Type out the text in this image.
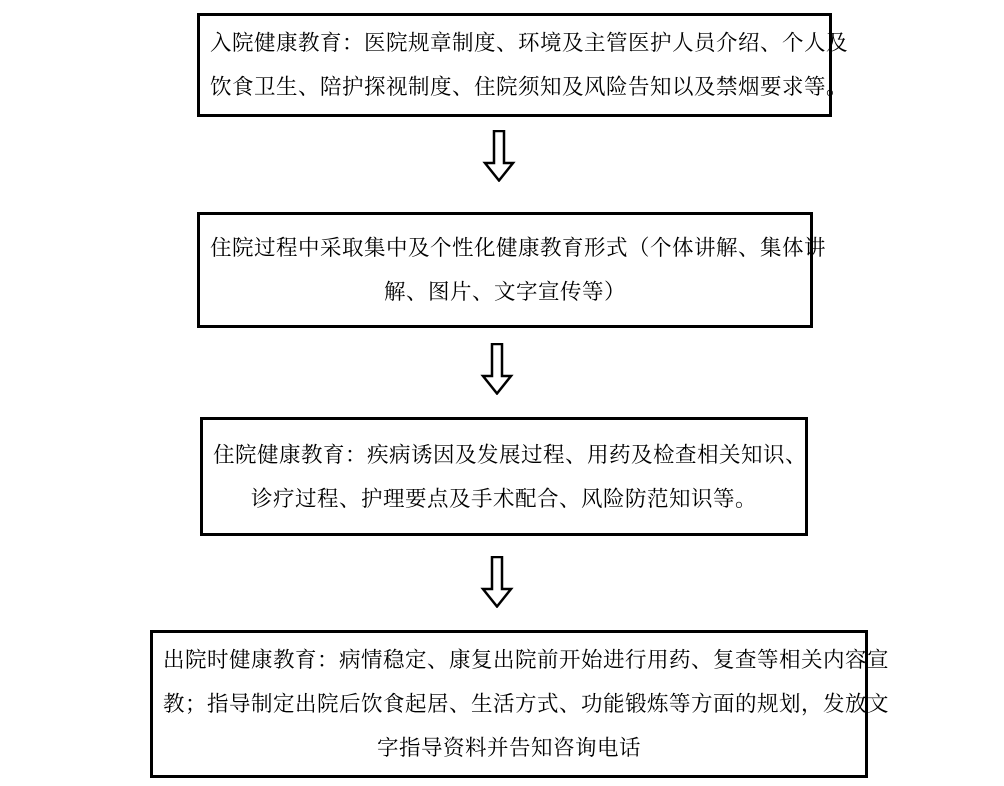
入院健康教育：医院规章制度、环境及主管医护人员介绍、个人及
饮食卫生、陪护探视制度、住院须知及风险告知以及禁烟要求等。
住院过程中采取集中及个性化健康教育形式（个体讲解、集体讲
解、图片、文字宣传等）
住院健康教育：疾病诱因及发展过程、用药及检查相关知识、
诊疗过程、护理要点及手术配合、风险防范知识等。
出院时健康教育：病情稳定、康复出院前开始进行用药、复查等相关内容宣
教；指导制定出院后饮食起居、生活方式、功能锻炼等方面的规划，发放文
字指导资料并告知咨询电话
